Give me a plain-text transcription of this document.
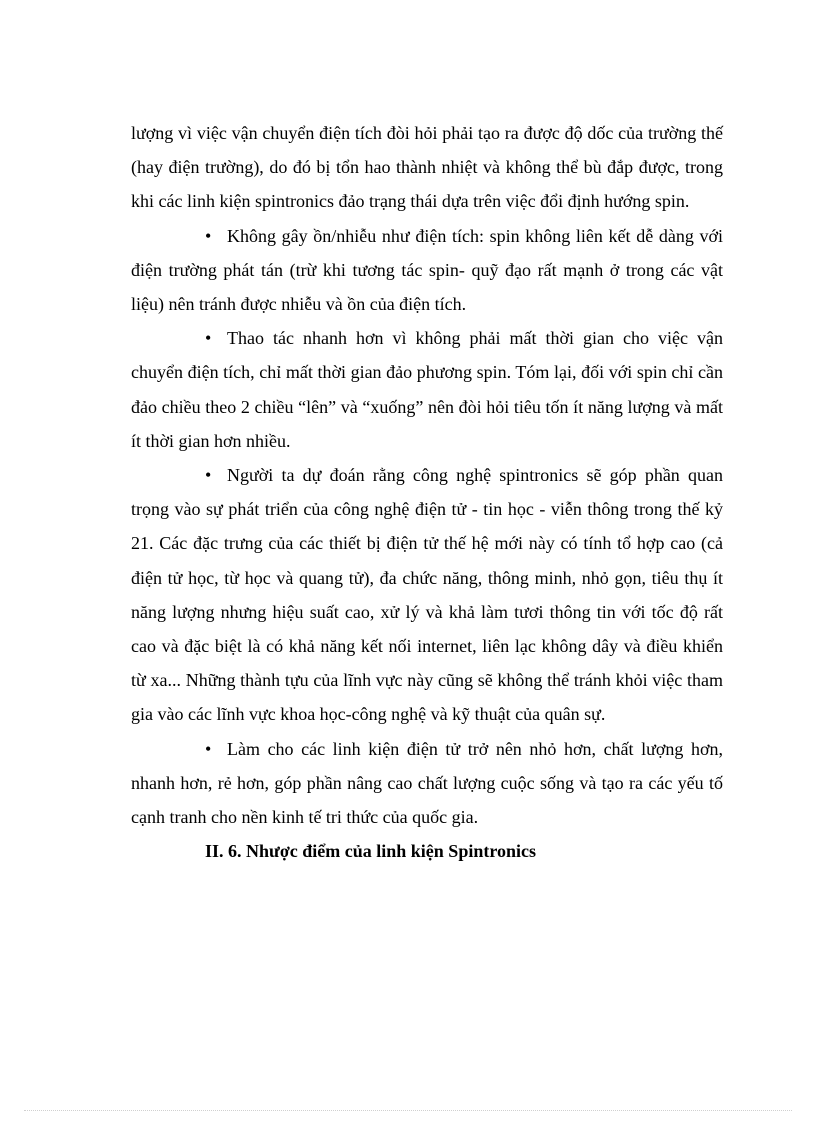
lượng vì việc vận chuyển điện tích đòi hỏi phải tạo ra được độ dốc của trường thế (hay điện trường), do đó bị tổn hao thành nhiệt và không thể bù đắp được, trong khi các linh kiện spintronics đảo trạng thái dựa trên việc đổi định hướng spin.

• Không gây ồn/nhiễu như điện tích: spin không liên kết dễ dàng với điện trường phát tán (trừ khi tương tác spin- quỹ đạo rất mạnh ở trong các vật liệu) nên tránh được nhiễu và ồn của điện tích.

• Thao tác nhanh hơn vì không phải mất thời gian cho việc vận chuyển điện tích, chỉ mất thời gian đảo phương spin. Tóm lại, đối với spin chỉ cần đảo chiều theo 2 chiều “lên” và “xuống” nên đòi hỏi tiêu tốn ít năng lượng và mất ít thời gian hơn nhiều.

• Người ta dự đoán rằng công nghệ spintronics sẽ góp phần quan trọng vào sự phát triển của công nghệ điện tử - tin học - viễn thông trong thế kỷ 21. Các đặc trưng của các thiết bị điện tử thế hệ mới này có tính tổ hợp cao (cả điện tử học, từ học và quang tử), đa chức năng, thông minh, nhỏ gọn, tiêu thụ ít năng lượng nhưng hiệu suất cao, xử lý và khả làm tươi thông tin với tốc độ rất cao và đặc biệt là có khả năng kết nối internet, liên lạc không dây và điều khiển từ xa... Những thành tựu của lĩnh vực này cũng sẽ không thể tránh khỏi việc tham gia vào các lĩnh vực khoa học-công nghệ và kỹ thuật của quân sự.

• Làm cho các linh kiện điện tử trở nên nhỏ hơn, chất lượng hơn, nhanh hơn, rẻ hơn, góp phần nâng cao chất lượng cuộc sống và tạo ra các yếu tố cạnh tranh cho nền kinh tế tri thức của quốc gia.

II. 6. Nhược điểm của linh kiện Spintronics
